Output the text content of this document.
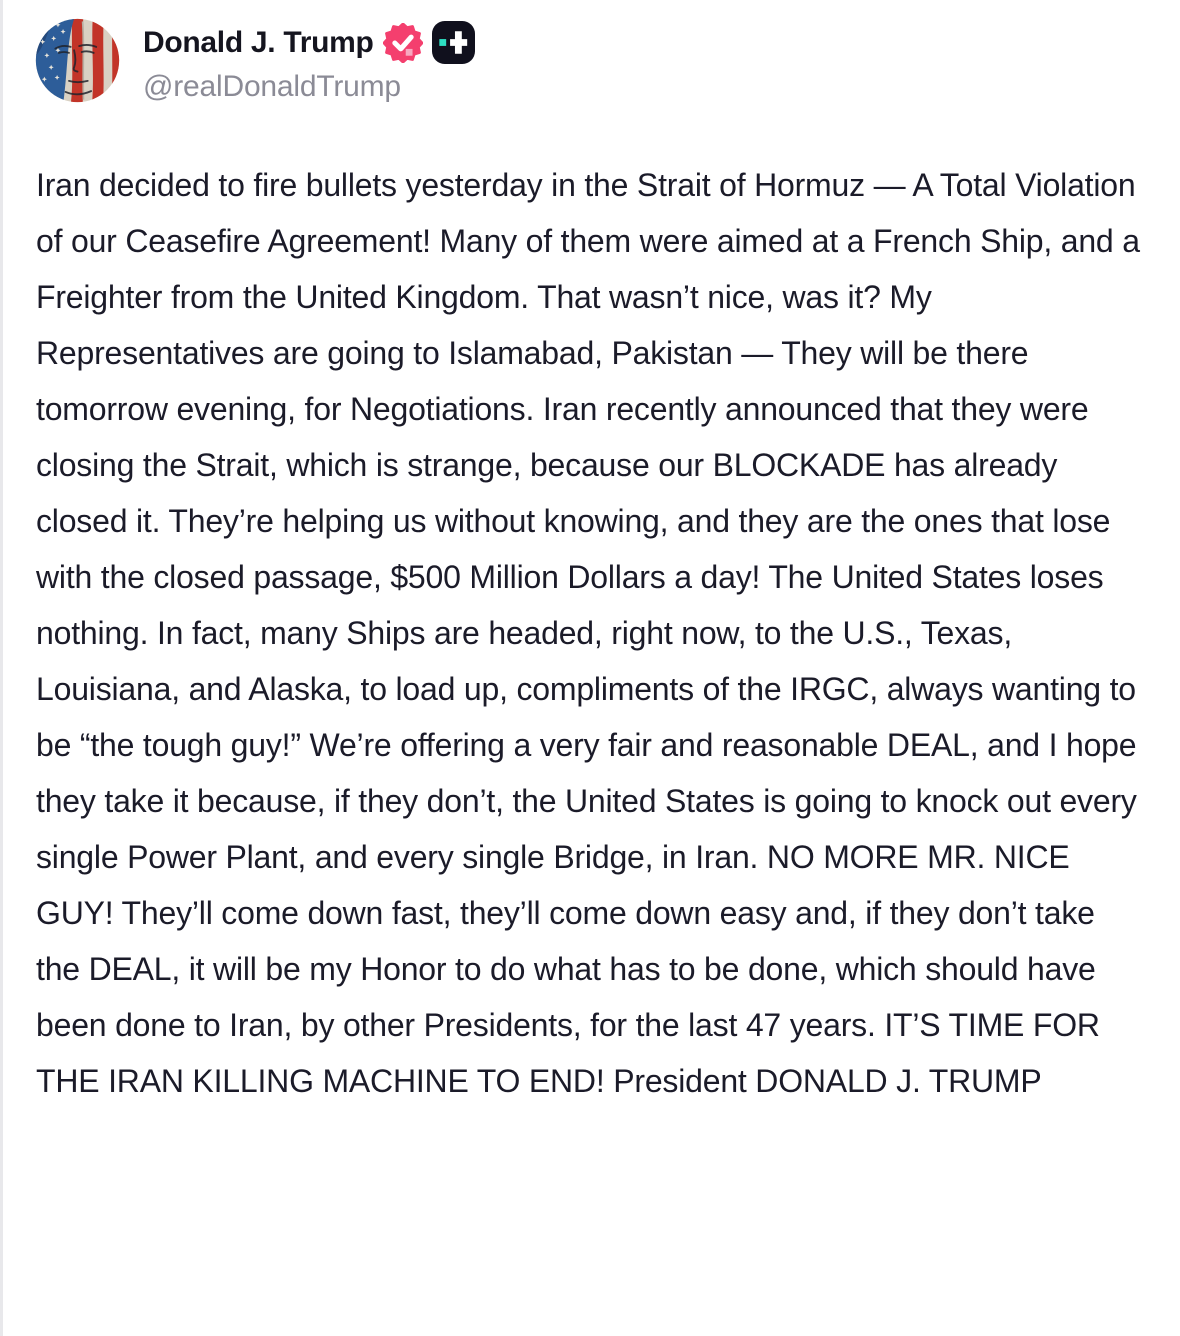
Donald J. Trump
@realDonaldTrump

Iran decided to fire bullets yesterday in the Strait of Hormuz — A Total Violation of our Ceasefire Agreement! Many of them were aimed at a French Ship, and a Freighter from the United Kingdom. That wasn’t nice, was it? My Representatives are going to Islamabad, Pakistan — They will be there tomorrow evening, for Negotiations. Iran recently announced that they were closing the Strait, which is strange, because our BLOCKADE has already closed it. They’re helping us without knowing, and they are the ones that lose with the closed passage, $500 Million Dollars a day! The United States loses nothing. In fact, many Ships are headed, right now, to the U.S., Texas, Louisiana, and Alaska, to load up, compliments of the IRGC, always wanting to be “the tough guy!” We’re offering a very fair and reasonable DEAL, and I hope they take it because, if they don’t, the United States is going to knock out every single Power Plant, and every single Bridge, in Iran. NO MORE MR. NICE GUY! They’ll come down fast, they’ll come down easy and, if they don’t take the DEAL, it will be my Honor to do what has to be done, which should have been done to Iran, by other Presidents, for the last 47 years. IT’S TIME FOR THE IRAN KILLING MACHINE TO END! President DONALD J. TRUMP
